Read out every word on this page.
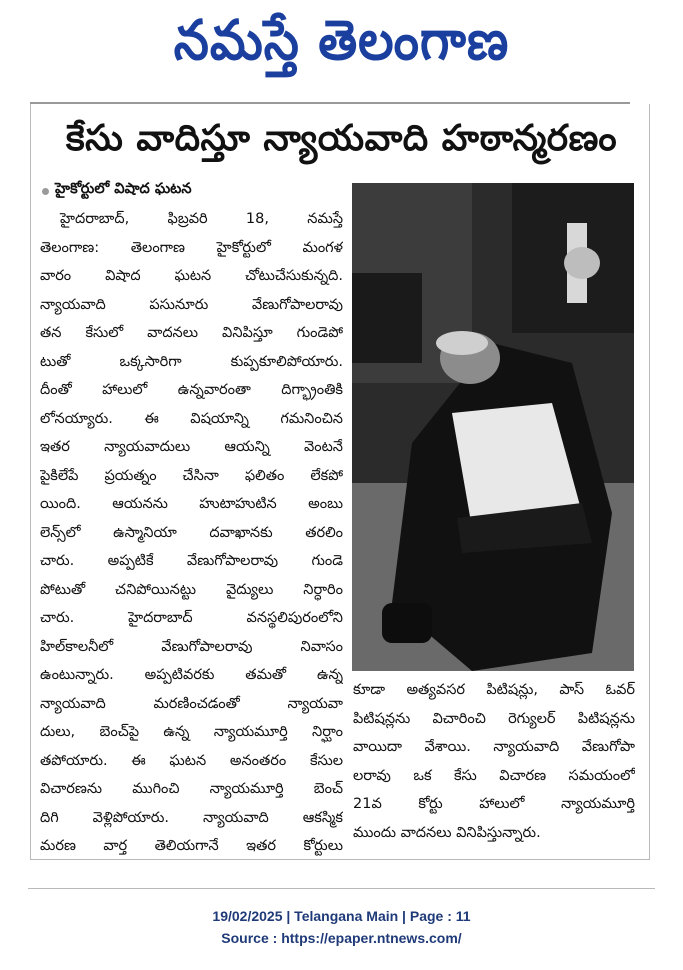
నమస్తే తెలంగాణ
కేసు వాదిస్తూ న్యాయవాది హఠాన్మరణం
హైకోర్టులో విషాద ఘటన
హైదరాబాద్, ఫిబ్రవరి 18, నమస్తే
తెలంగాణ: తెలంగాణ హైకోర్టులో మంగళ
వారం విషాద ఘటన చోటుచేసుకున్నది.
న్యాయవాది పసునూరు వేణుగోపాలరావు
తన కేసులో వాదనలు వినిపిస్తూ గుండెపో
టుతో ఒక్కసారిగా కుప్పకూలిపోయారు.
దీంతో హాలులో ఉన్నవారంతా దిగ్భ్రాంతికి
లోనయ్యారు. ఈ విషయాన్ని గమనించిన
ఇతర న్యాయవాదులు ఆయన్ని వెంటనే
పైకిలేపే ప్రయత్నం చేసినా ఫలితం లేకపో
యింది. ఆయనను హుటాహుటిన అంబు
లెన్స్‌లో ఉస్మానియా దవాఖానకు తరలిం
చారు. అప్పటికే వేణుగోపాలరావు గుండె
పోటుతో చనిపోయినట్టు వైద్యులు నిర్ధారిం
చారు. హైదరాబాద్ వనస్థలిపురంలోని
హిల్‌కాలనీలో వేణుగోపాలరావు నివాసం
ఉంటున్నారు. అప్పటివరకు తమతో ఉన్న
న్యాయవాది మరణించడంతో న్యాయవా
దులు, బెంచ్‌పై ఉన్న న్యాయమూర్తి నిర్ఘాం
తపోయారు. ఈ ఘటన అనంతరం కేసుల
విచారణను ముగించి న్యాయమూర్తి బెంచ్
దిగి వెళ్లిపోయారు. న్యాయవాది ఆకస్మిక
మరణ వార్త తెలియగానే ఇతర కోర్టులు
కూడా అత్యవసర పిటిషన్లు, పాస్ ఓవర్
పిటిషన్లను విచారించి రెగ్యులర్ పిటిషన్లను
వాయిదా వేశాయి. న్యాయవాది వేణుగోపా
లరావు ఒక కేసు విచారణ సమయంలో
21వ కోర్టు హాలులో న్యాయమూర్తి
ముందు వాదనలు వినిపిస్తున్నారు.
19/02/2025 | Telangana Main | Page : 11
Source : https://epaper.ntnews.com/
